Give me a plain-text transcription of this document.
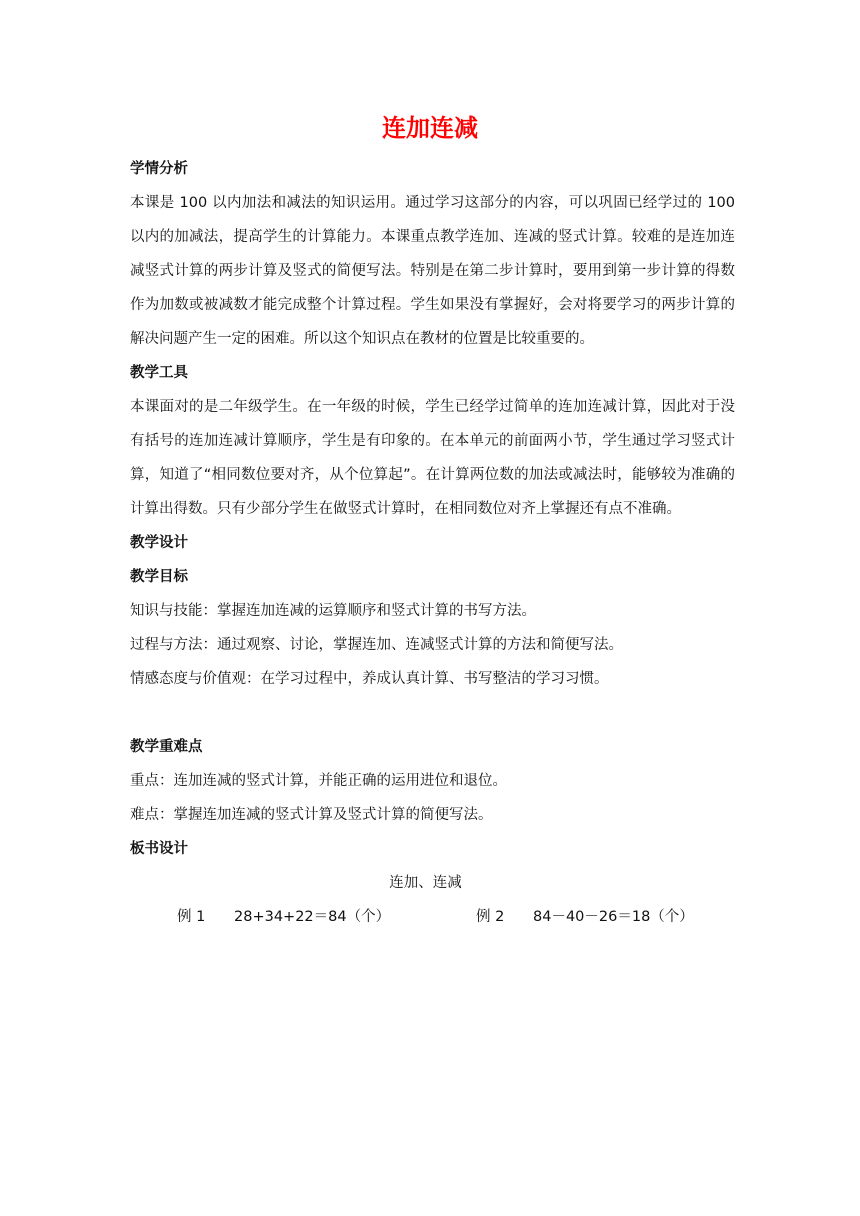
连加连减
学情分析
本课是 100 以内加法和减法的知识运用。通过学习这部分的内容，可以巩固已经学过的 100 以内的加减法，提高学生的计算能力。本课重点教学连加、连减的竖式计算。较难的是连加连减竖式计算的两步计算及竖式的简便写法。特别是在第二步计算时，要用到第一步计算的得数作为加数或被减数才能完成整个计算过程。学生如果没有掌握好，会对将要学习的两步计算的解决问题产生一定的困难。所以这个知识点在教材的位置是比较重要的。
教学工具
本课面对的是二年级学生。在一年级的时候，学生已经学过简单的连加连减计算，因此对于没有括号的连加连减计算顺序，学生是有印象的。在本单元的前面两小节，学生通过学习竖式计算，知道了“相同数位要对齐，从个位算起”。在计算两位数的加法或减法时，能够较为准确的计算出得数。只有少部分学生在做竖式计算时，在相同数位对齐上掌握还有点不准确。
教学设计
教学目标
知识与技能：掌握连加连减的运算顺序和竖式计算的书写方法。
过程与方法：通过观察、讨论，掌握连加、连减竖式计算的方法和简便写法。
情感态度与价值观：在学习过程中，养成认真计算、书写整洁的学习习惯。
教学重难点
重点：连加连减的竖式计算，并能正确的运用进位和退位。
难点：掌握连加连减的竖式计算及竖式计算的简便写法。
板书设计
连加、连减
例 1 28+34+22＝84（个）	例 2 84－40－26＝18（个）
